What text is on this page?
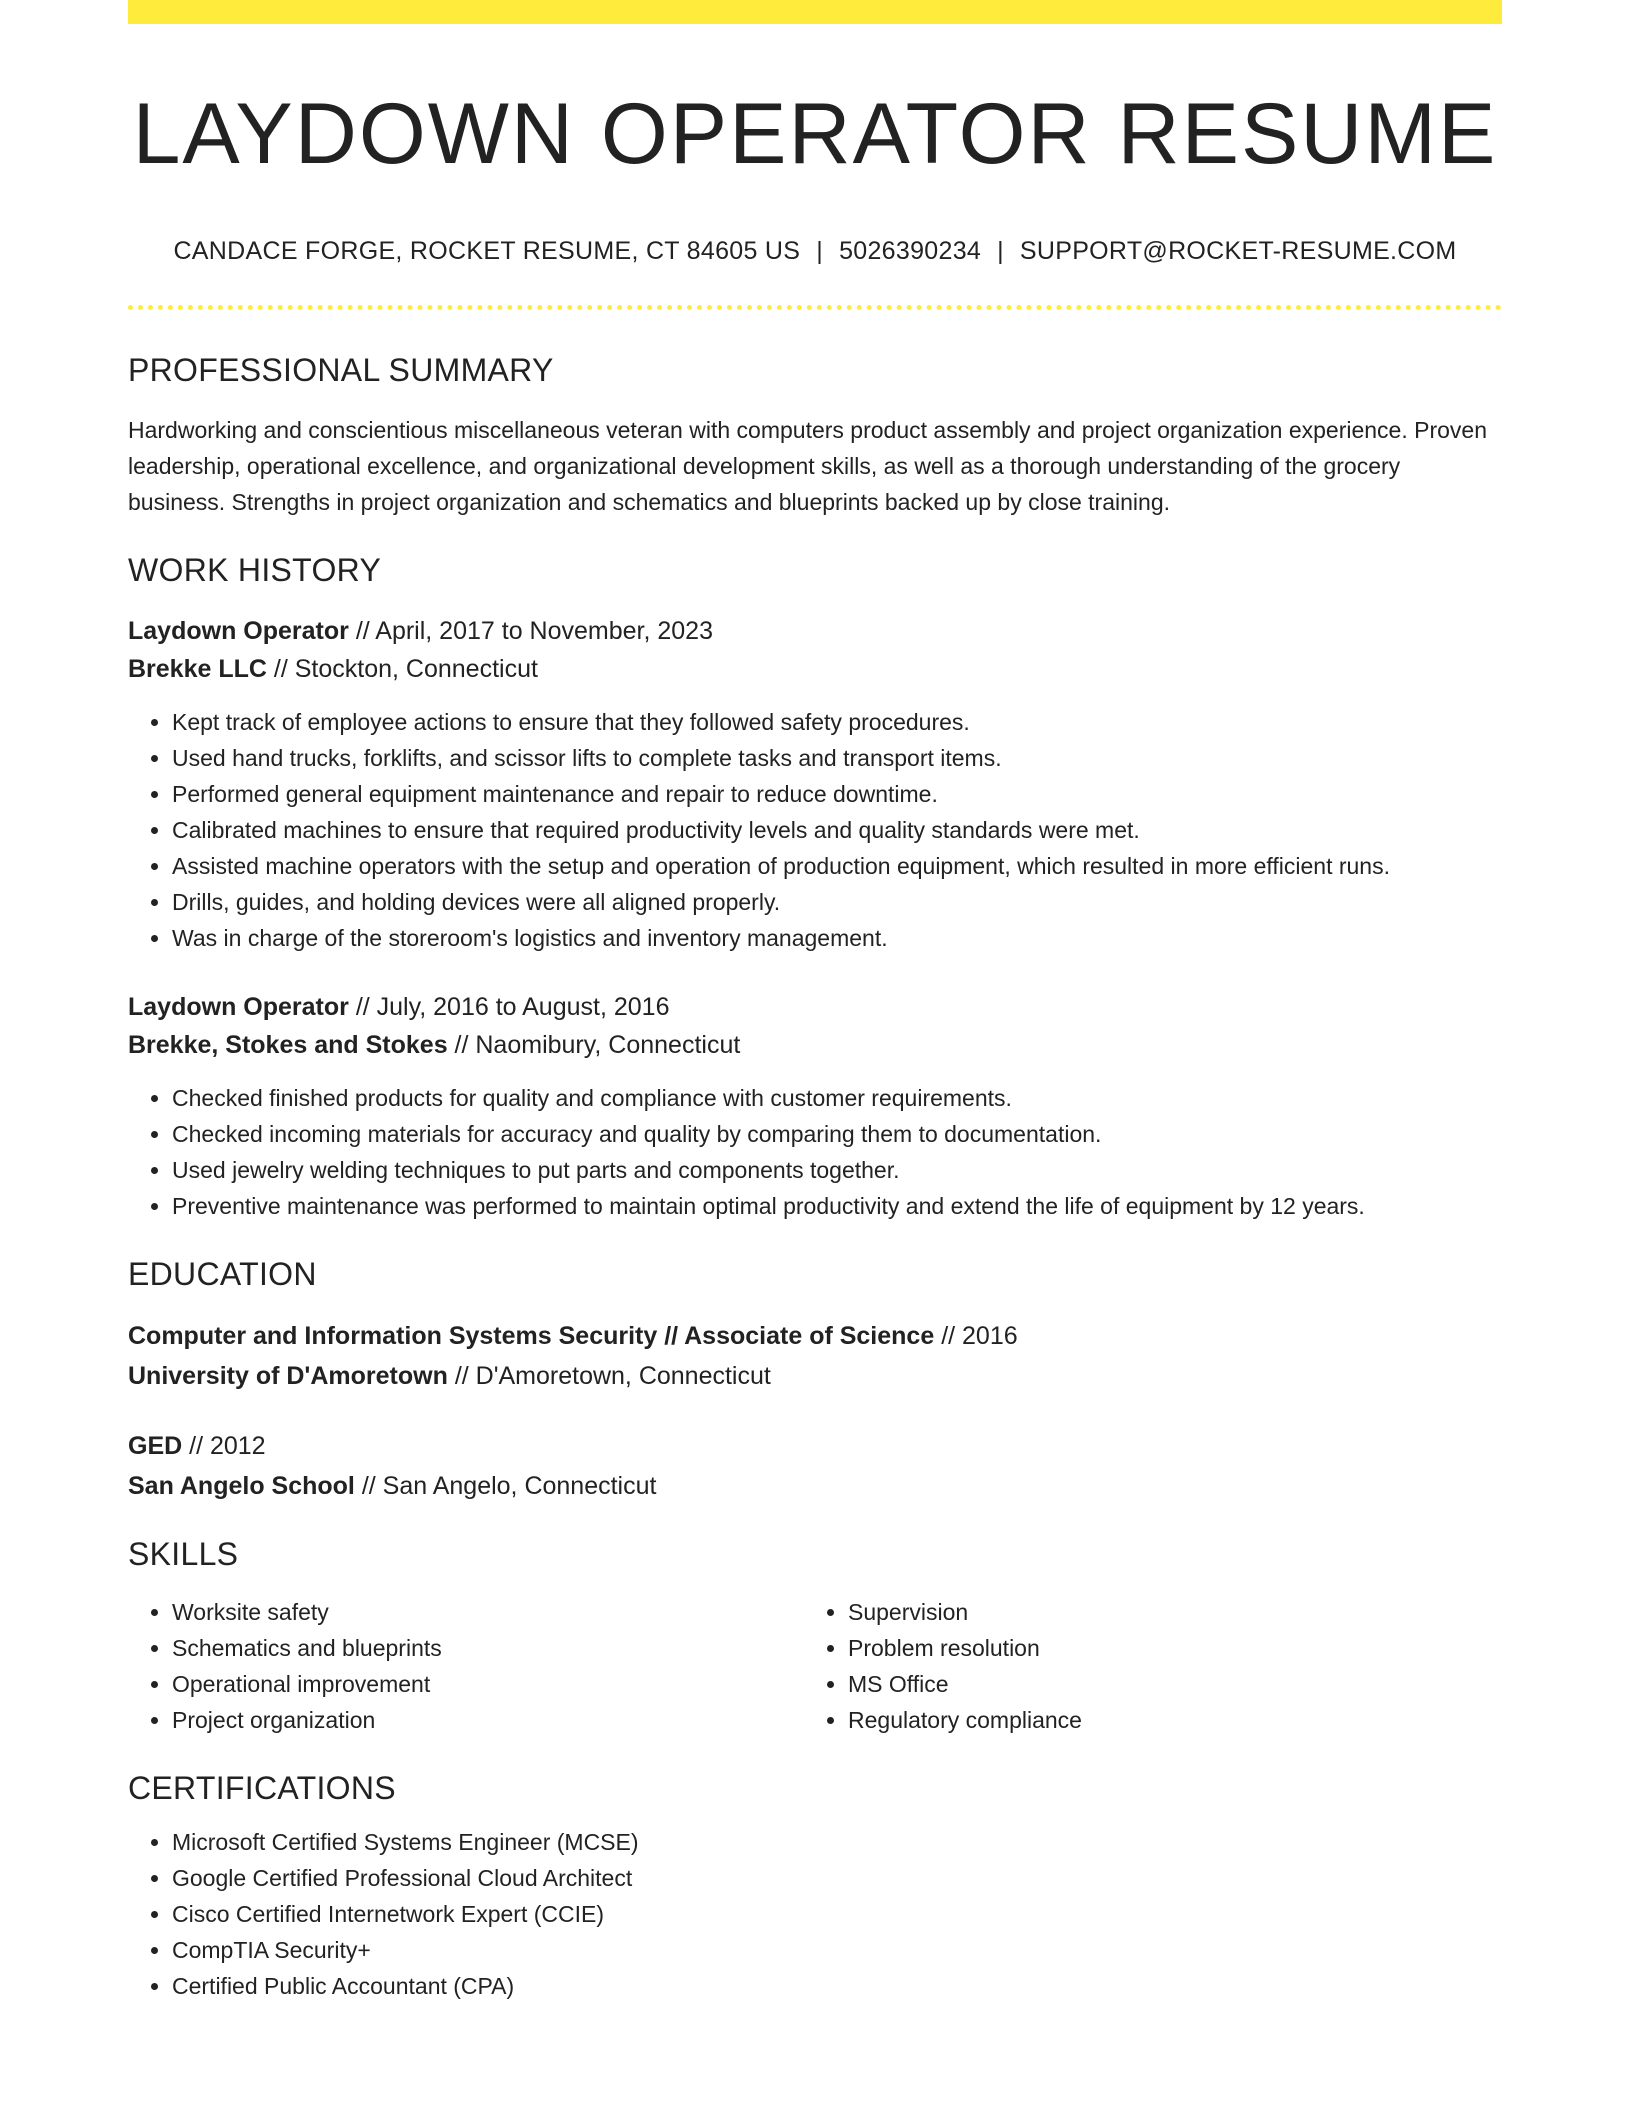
LAYDOWN OPERATOR RESUME
CANDACE FORGE, ROCKET RESUME, CT 84605 US | 5026390234 | SUPPORT@ROCKET-RESUME.COM
PROFESSIONAL SUMMARY

Hardworking and conscientious miscellaneous veteran with computers product assembly and project organization experience. Proven leadership, operational excellence, and organizational development skills, as well as a thorough understanding of the grocery business. Strengths in project organization and schematics and blueprints backed up by close training.

WORK HISTORY
Laydown Operator // April, 2017 to November, 2023
Brekke LLC // Stockton, Connecticut
• Kept track of employee actions to ensure that they followed safety procedures.
• Used hand trucks, forklifts, and scissor lifts to complete tasks and transport items.
• Performed general equipment maintenance and repair to reduce downtime.
• Calibrated machines to ensure that required productivity levels and quality standards were met.
• Assisted machine operators with the setup and operation of production equipment, which resulted in more efficient runs.
• Drills, guides, and holding devices were all aligned properly.
• Was in charge of the storeroom's logistics and inventory management.
Laydown Operator // July, 2016 to August, 2016
Brekke, Stokes and Stokes // Naomibury, Connecticut
• Checked finished products for quality and compliance with customer requirements.
• Checked incoming materials for accuracy and quality by comparing them to documentation.
• Used jewelry welding techniques to put parts and components together.
• Preventive maintenance was performed to maintain optimal productivity and extend the life of equipment by 12 years.
EDUCATION
Computer and Information Systems Security // Associate of Science // 2016
University of D'Amoretown // D'Amoretown, Connecticut
GED // 2012
San Angelo School // San Angelo, Connecticut
SKILLS
• Worksite safety
• Schematics and blueprints
• Operational improvement
• Project organization
• Supervision
• Problem resolution
• MS Office
• Regulatory compliance
CERTIFICATIONS
• Microsoft Certified Systems Engineer (MCSE)
• Google Certified Professional Cloud Architect
• Cisco Certified Internetwork Expert (CCIE)
• CompTIA Security+
• Certified Public Accountant (CPA)
